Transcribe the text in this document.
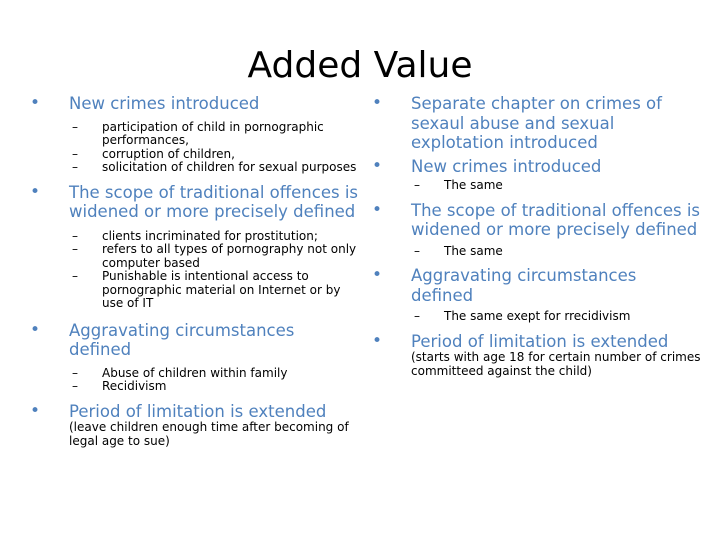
Added Value
• New crimes introduced
– participation of child in pornographic performances,
– corruption of children,
– solicitation of children for sexual purposes
• The scope of traditional offences is widened or more precisely defined
– clients incriminated for prostitution;
– refers to all types of pornography not only computer based
– Punishable is intentional access to pornographic material on Internet or by use of IT
• Aggravating circumstances defined
– Abuse of children within family
– Recidivism
• Period of limitation is extended
(leave children enough time after becoming of legal age to sue)
• Separate chapter on crimes of sexaul abuse and sexual explotation introduced
• New crimes introduced
– The same
• The scope of traditional offences is widened or more precisely defined
– The same
• Aggravating circumstances defined
– The same exept for rrecidivism
• Period of limitation is extended
(starts with age 18 for certain number of crimes committeed against the child)
